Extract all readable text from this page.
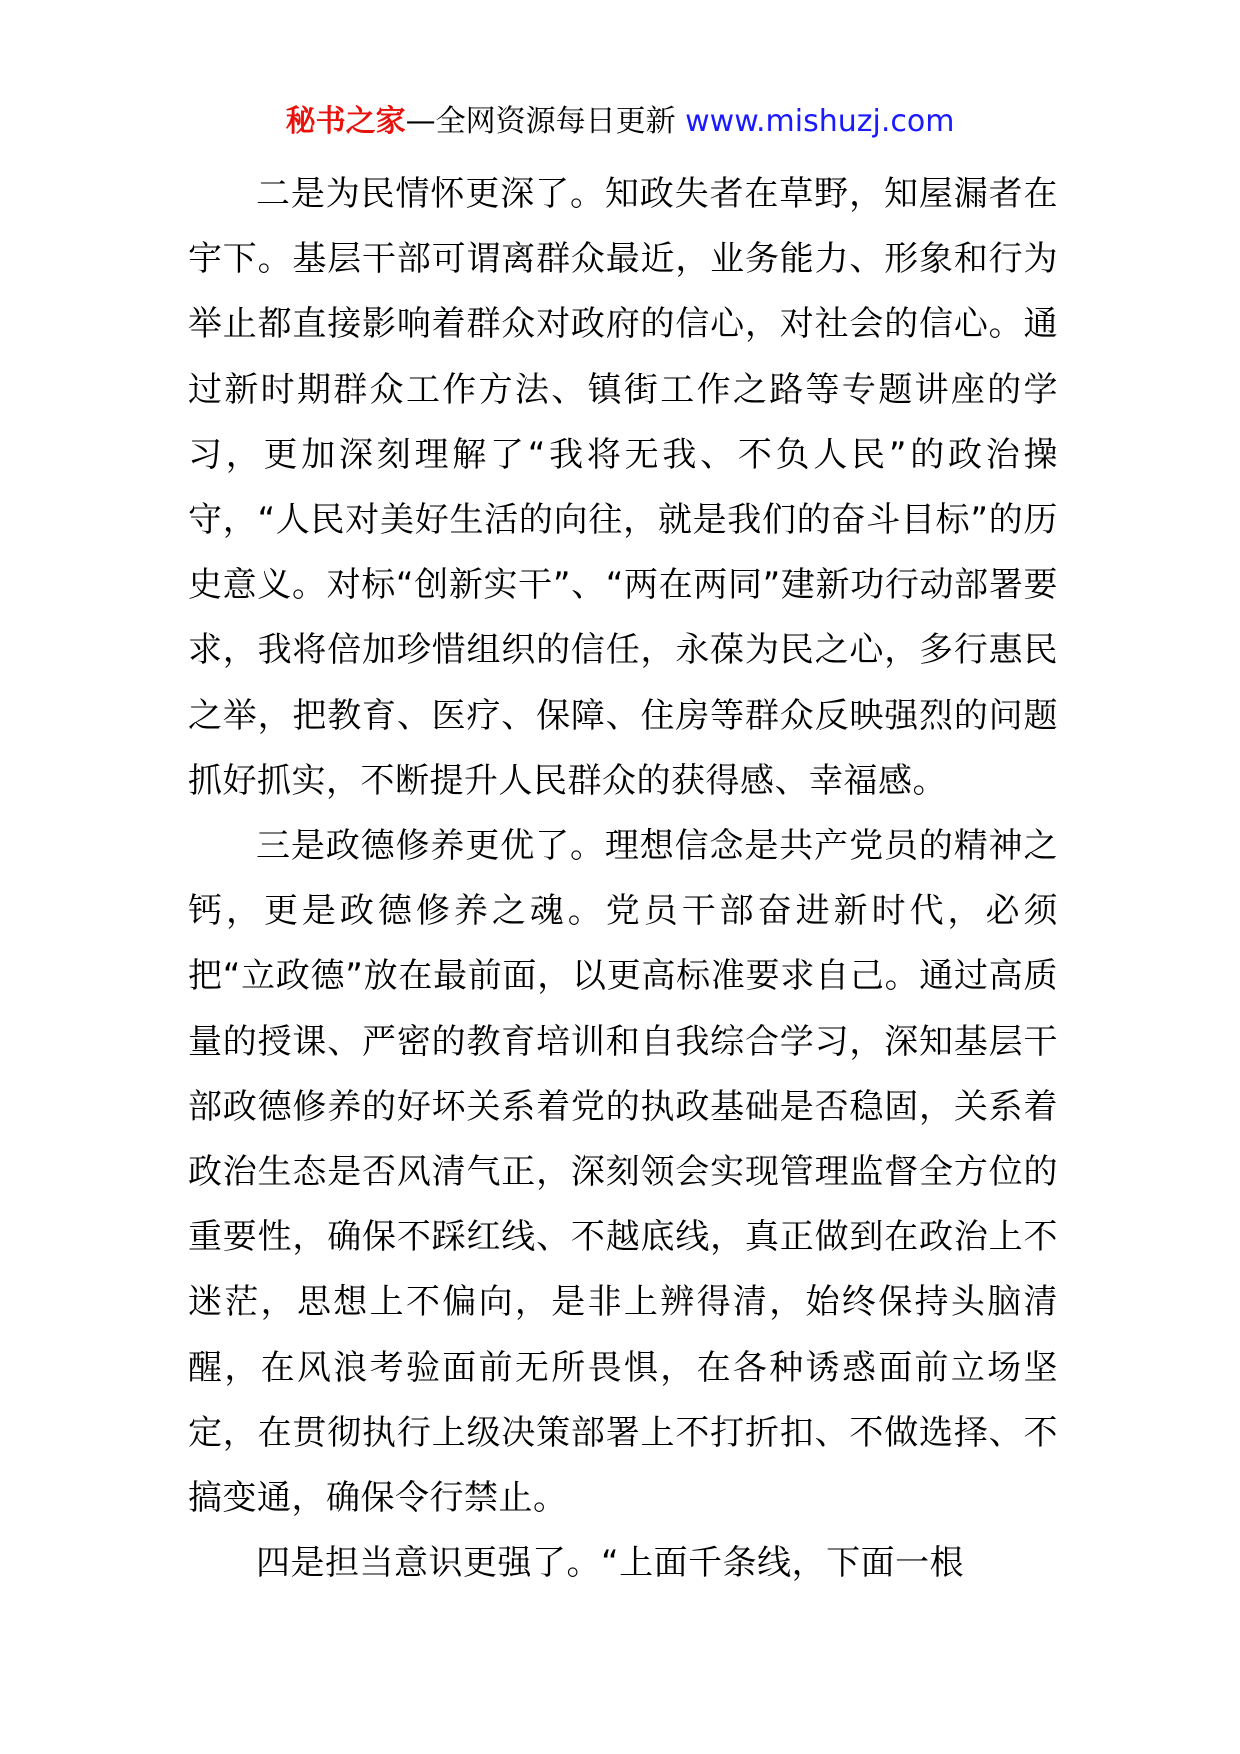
秘书之家—全网资源每日更新 www.mishuzj.com

二是为民情怀更深了。知政失者在草野，知屋漏者在宇下。基层干部可谓离群众最近，业务能力、形象和行为举止都直接影响着群众对政府的信心，对社会的信心。通过新时期群众工作方法、镇街工作之路等专题讲座的学习，更加深刻理解了“我将无我、不负人民”的政治操守，“人民对美好生活的向往，就是我们的奋斗目标”的历史意义。对标“创新实干”、“两在两同”建新功行动部署要求，我将倍加珍惜组织的信任，永葆为民之心，多行惠民之举，把教育、医疗、保障、住房等群众反映强烈的问题抓好抓实，不断提升人民群众的获得感、幸福感。

三是政德修养更优了。理想信念是共产党员的精神之钙，更是政德修养之魂。党员干部奋进新时代，必须把“立政德”放在最前面，以更高标准要求自己。通过高质量的授课、严密的教育培训和自我综合学习，深知基层干部政德修养的好坏关系着党的执政基础是否稳固，关系着政治生态是否风清气正，深刻领会实现管理监督全方位的重要性，确保不踩红线、不越底线，真正做到在政治上不迷茫，思想上不偏向，是非上辨得清，始终保持头脑清醒，在风浪考验面前无所畏惧，在各种诱惑面前立场坚定，在贯彻执行上级决策部署上不打折扣、不做选择、不搞变通，确保令行禁止。

四是担当意识更强了。“上面千条线，下面一根
